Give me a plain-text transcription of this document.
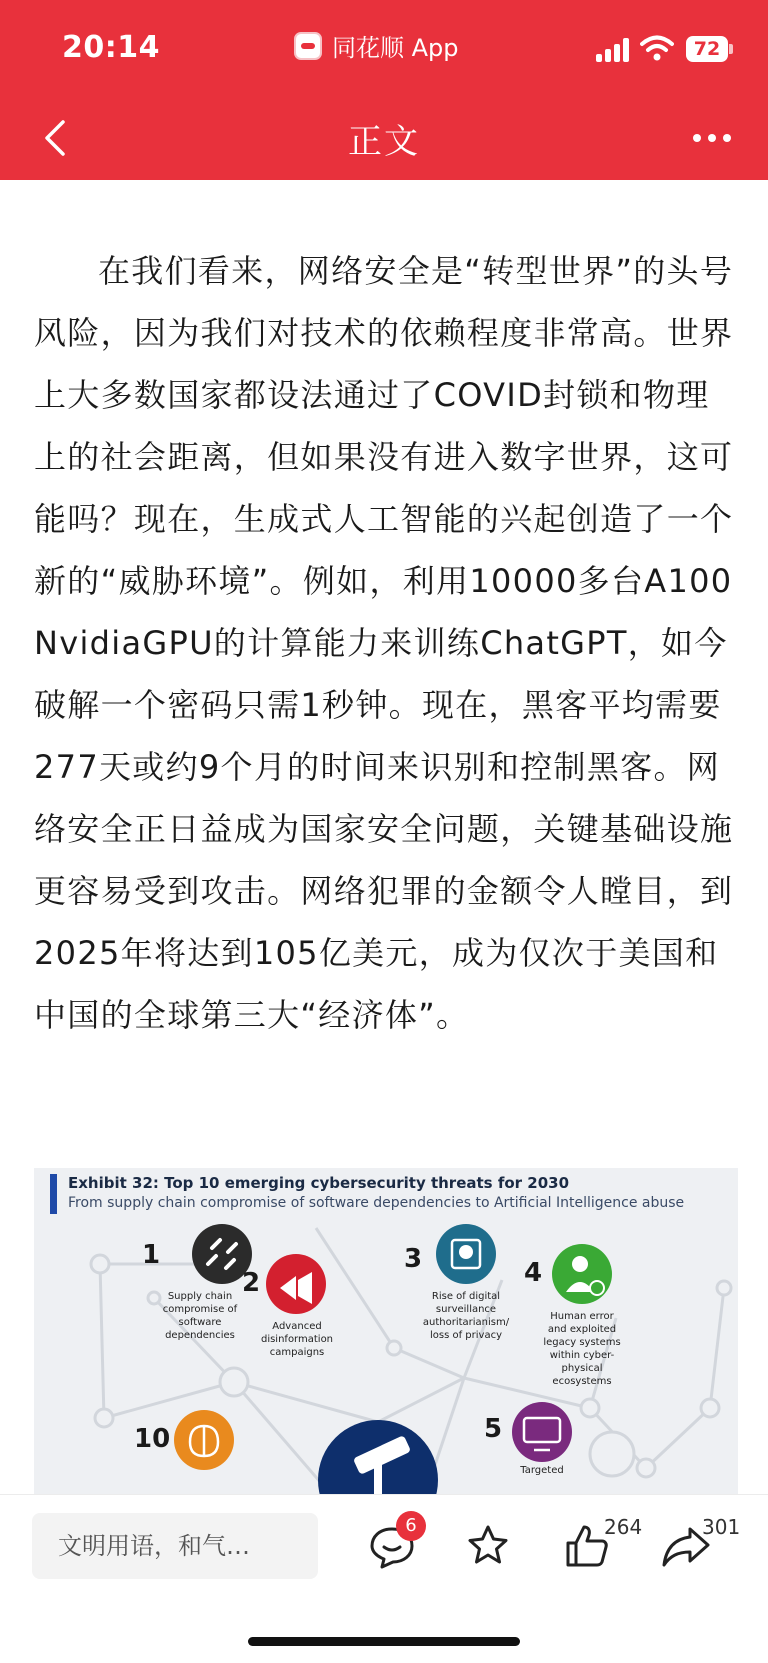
20:14	同花顺 App	72
正文

在我们看来，网络安全是“转型世界”的头号风险，因为我们对技术的依赖程度非常高。世界上大多数国家都设法通过了COVID封锁和物理上的社会距离，但如果没有进入数字世界，这可能吗？现在，生成式人工智能的兴起创造了一个新的“威胁环境”。例如，利用10000多台A100NvidiaGPU的计算能力来训练ChatGPT，如今破解一个密码只需1秒钟。现在，黑客平均需要277天或约9个月的时间来识别和控制黑客。网络安全正日益成为国家安全问题，关键基础设施更容易受到攻击。网络犯罪的金额令人瞠目，到2025年将达到105亿美元，成为仅次于美国和中国的全球第三大“经济体”。

Exhibit 32: Top 10 emerging cybersecurity threats for 2030
From supply chain compromise of software dependencies to Artificial Intelligence abuse
1
Supply chain compromise of software dependencies
2
Advanced disinformation campaigns
3
Rise of digital surveillance authoritarianism/ loss of privacy
4
Human error and exploited legacy systems within cyber-physical ecosystems
5
Targeted
10
文明用语，和气…
6	264	301
